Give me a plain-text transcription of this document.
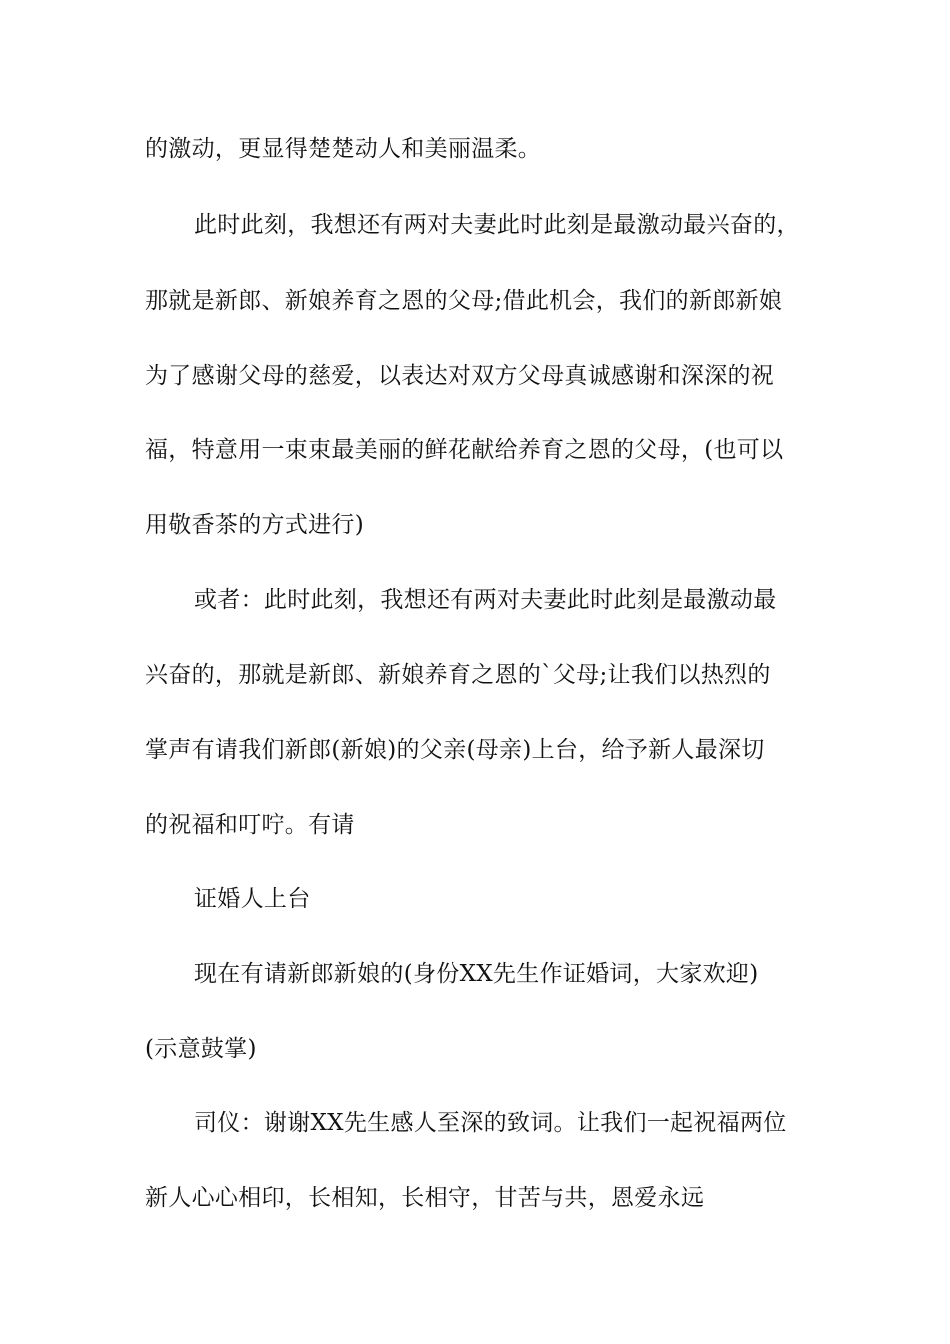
的激动，更显得楚楚动人和美丽温柔。
此时此刻，我想还有两对夫妻此时此刻是最激动最兴奋的，
那就是新郎、新娘养育之恩的父母;借此机会，我们的新郎新娘
为了感谢父母的慈爱，以表达对双方父母真诚感谢和深深的祝
福，特意用一束束最美丽的鲜花献给养育之恩的父母，(也可以
用敬香茶的方式进行)
或者：此时此刻，我想还有两对夫妻此时此刻是最激动最
兴奋的，那就是新郎、新娘养育之恩的`父母;让我们以热烈的
掌声有请我们新郎(新娘)的父亲(母亲)上台，给予新人最深切
的祝福和叮咛。有请
证婚人上台
现在有请新郎新娘的(身份XX先生作证婚词，大家欢迎)
(示意鼓掌)
司仪：谢谢XX先生感人至深的致词。让我们一起祝福两位
新人心心相印，长相知，长相守，甘苦与共，恩爱永远
